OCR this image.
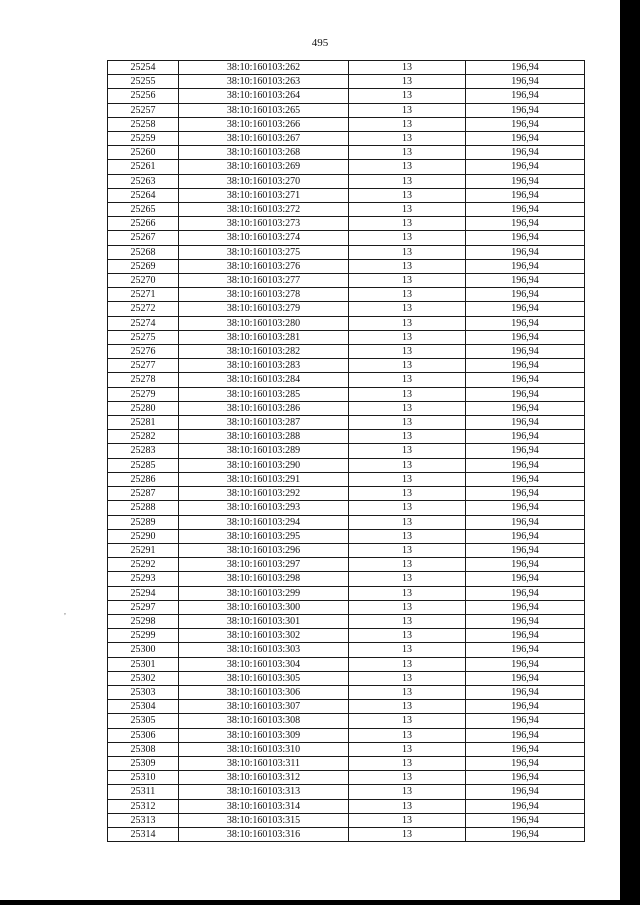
495
25254	38:10:160103:262	13	196,94
25255	38:10:160103:263	13	196,94
25256	38:10:160103:264	13	196,94
25257	38:10:160103:265	13	196,94
25258	38:10:160103:266	13	196,94
25259	38:10:160103:267	13	196,94
25260	38:10:160103:268	13	196,94
25261	38:10:160103:269	13	196,94
25263	38:10:160103:270	13	196,94
25264	38:10:160103:271	13	196,94
25265	38:10:160103:272	13	196,94
25266	38:10:160103:273	13	196,94
25267	38:10:160103:274	13	196,94
25268	38:10:160103:275	13	196,94
25269	38:10:160103:276	13	196,94
25270	38:10:160103:277	13	196,94
25271	38:10:160103:278	13	196,94
25272	38:10:160103:279	13	196,94
25274	38:10:160103:280	13	196,94
25275	38:10:160103:281	13	196,94
25276	38:10:160103:282	13	196,94
25277	38:10:160103:283	13	196,94
25278	38:10:160103:284	13	196,94
25279	38:10:160103:285	13	196,94
25280	38:10:160103:286	13	196,94
25281	38:10:160103:287	13	196,94
25282	38:10:160103:288	13	196,94
25283	38:10:160103:289	13	196,94
25285	38:10:160103:290	13	196,94
25286	38:10:160103:291	13	196,94
25287	38:10:160103:292	13	196,94
25288	38:10:160103:293	13	196,94
25289	38:10:160103:294	13	196,94
25290	38:10:160103:295	13	196,94
25291	38:10:160103:296	13	196,94
25292	38:10:160103:297	13	196,94
25293	38:10:160103:298	13	196,94
25294	38:10:160103:299	13	196,94
25297	38:10:160103:300	13	196,94
25298	38:10:160103:301	13	196,94
25299	38:10:160103:302	13	196,94
25300	38:10:160103:303	13	196,94
25301	38:10:160103:304	13	196,94
25302	38:10:160103:305	13	196,94
25303	38:10:160103:306	13	196,94
25304	38:10:160103:307	13	196,94
25305	38:10:160103:308	13	196,94
25306	38:10:160103:309	13	196,94
25308	38:10:160103:310	13	196,94
25309	38:10:160103:311	13	196,94
25310	38:10:160103:312	13	196,94
25311	38:10:160103:313	13	196,94
25312	38:10:160103:314	13	196,94
25313	38:10:160103:315	13	196,94
25314	38:10:160103:316	13	196,94
,
